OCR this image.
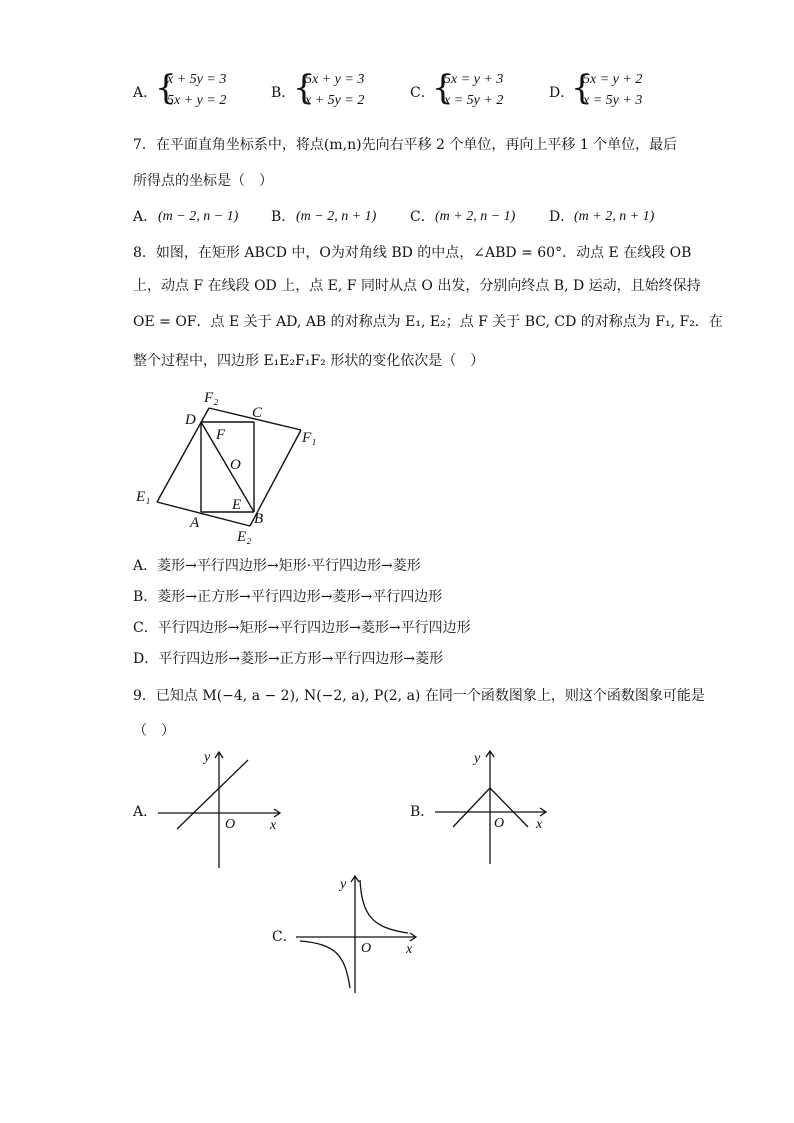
A．
{
x + 5y = 3
5x + y = 2	B．
{
5x + y = 3
x + 5y = 2	C．
{
5x = y + 3
x = 5y + 2	D．
{
5x = y + 2
x = 5y + 3
7．在平面直角坐标系中，将点(m,n)先向右平移 2 个单位，再向上平移 1 个单位，最后
所得点的坐标是（　）
A． (m − 2, n − 1) B． (m − 2, n + 1) C． (m + 2, n − 1) D． (m + 2, n + 1)
8．如图，在矩形 ABCD 中，O为对角线 BD 的中点，∠ABD = 60°．动点 E 在线段 OB
上，动点 F 在线段 OD 上，点 E, F 同时从点 O 出发，分别向终点 B, D 运动，且始终保持
OE = OF．点 E 关于 AD, AB 的对称点为 E₁, E₂；点 F 关于 BC, CD 的对称点为 F₁, F₂．在
整个过程中，四边形 E₁E₂F₁F₂ 形状的变化依次是（　）
F₂
C
D
F	F₁
O
E₁	E
A	B
E₂
A．菱形→平行四边形→矩形·平行四边形→菱形
B．菱形→正方形→平行四边形→菱形→平行四边形
C．平行四边形→矩形→平行四边形→菱形→平行四边形
D．平行四边形→菱形→正方形→平行四边形→菱形
9．已知点 M(−4, a − 2), N(−2, a), P(2, a) 在同一个函数图象上，则这个函数图象可能是
（　）
A．
y
x
O
B．
y
x
O
C．
y
x
O
